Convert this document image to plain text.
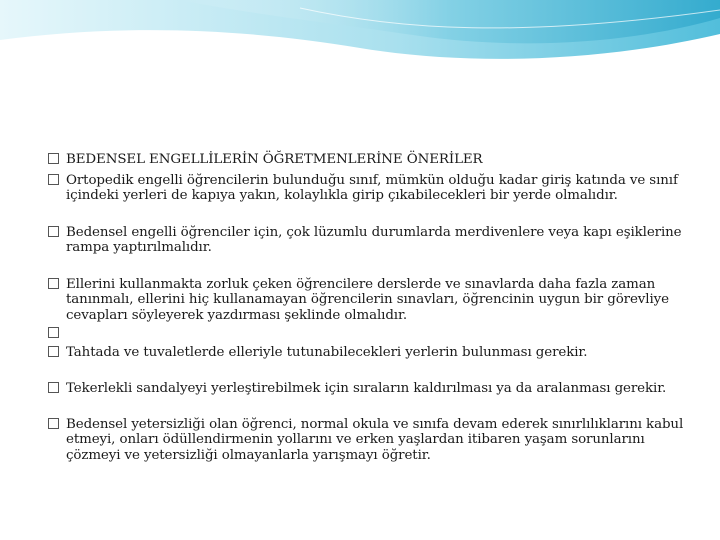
BEDENSEL ENGELLİLERİN ÖĞRETMENLERİNE ÖNERİLER
Ortopedik engelli öğrencilerin bulunduğu sınıf, mümkün olduğu kadar giriş katında ve sınıf içindeki yerleri de kapıya yakın, kolaylıkla girip çıkabilecekleri bir yerde olmalıdır.
Bedensel engelli öğrenciler için, çok lüzumlu durumlarda merdivenlere veya kapı eşiklerine rampa yaptırılmalıdır.
Ellerini kullanmakta zorluk çeken öğrencilere derslerde ve sınavlarda daha fazla zaman tanınmalı, ellerini hiç kullanamayan öğrencilerin sınavları, öğrencinin uygun bir görevliye cevapları söyleyerek yazdırması şeklinde olmalıdır.
Tahtada ve tuvaletlerde elleriyle tutunabilecekleri yerlerin bulunması gerekir.
Tekerlekli sandalyeyi yerleştirebilmek için sıraların kaldırılması ya da aralanması gerekir.
Bedensel yetersizliği olan öğrenci, normal okula ve sınıfa devam ederek sınırlılıklarını kabul etmeyi, onları ödüllendirmenin yollarını ve erken yaşlardan itibaren yaşam sorunlarını çözmeyi ve yetersizliği olmayanlarla yarışmayı öğretir.
